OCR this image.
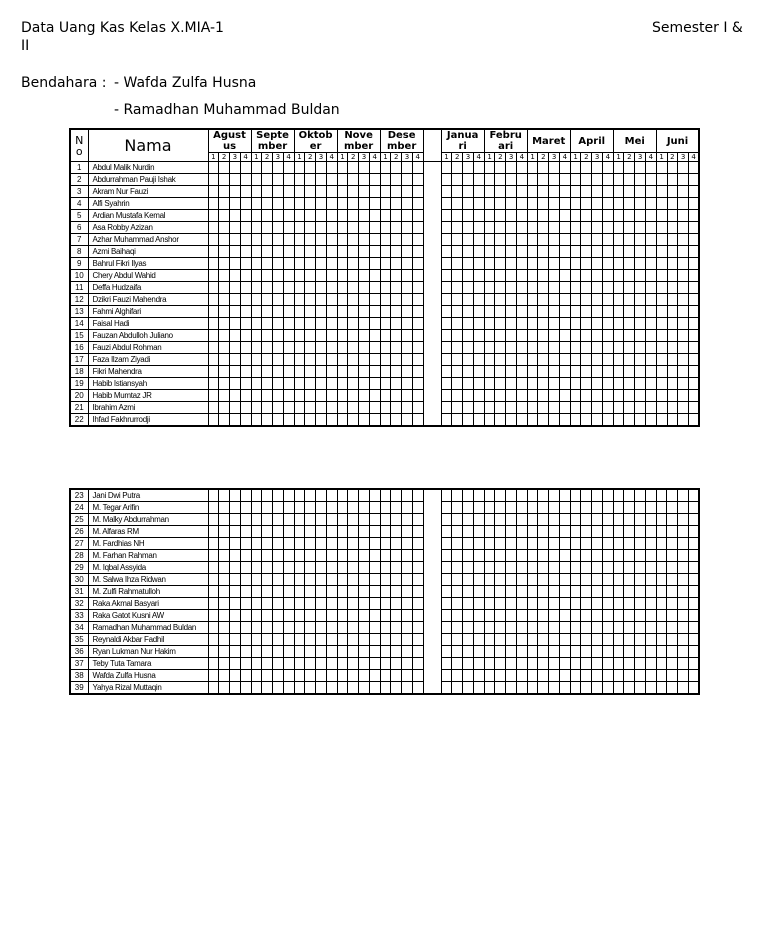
Data Uang Kas Kelas X.MIA-1	Semester I &
II
Bendahara : - Wafda Zulfa Husna
- Ramadhan Muhammad Buldan
N o	Nama	Agust us				Septe mber				Oktob er				Nove mber				Dese mber					Janua ri				Febru ari				Maret				April				Mei				Juni			
		1	2	3	4	1	2	3	4	1	2	3	4	1	2	3	4	1	2	3	4		1	2	3	4	1	2	3	4	1	2	3	4	1	2	3	4	1	2	3	4	1	2	3	4
1	Abdul Malik Nurdin																																													
2	Abdurrahman Pauji Ishak																																													
3	Akram Nur Fauzi																																													
4	Alfi Syahrin																																													
5	Ardian Mustafa Kemal																																													
6	Asa Robby Azizan																																													
7	Azhar Muhammad Anshor																																													
8	Azmi Baihaqi																																													
9	Bahrul Fikri Ilyas																																													
10	Chery Abdul Wahid																																													
11	Deffa Hudzaifa																																													
12	Dzikri Fauzi Mahendra																																													
13	Fahmi Alghifari																																													
14	Faisal Hadi																																													
15	Fauzan Abdulloh Juliano																																													
16	Fauzi Abdul Rohman																																													
17	Faza Ilzam Ziyadi																																													
18	Fikri Mahendra																																													
19	Habib Istiansyah																																													
20	Habib Mumtaz JR																																													
21	Ibrahim Azmi																																													
22	Ihfad Fakhrurrodji																																													
23	Jani Dwi Putra																																													
24	M. Tegar Arifin																																													
25	M. Malky Abdurrahman																																													
26	M. Alfaras RM																																													
27	M. Fardhias NH																																													
28	M. Farhan Rahman																																													
29	M. Iqbal Assyida																																													
30	M. Salwa Ihza Ridwan																																													
31	M. Zulfi Rahmatulloh																																													
32	Raka Akmal Basyari																																													
33	Raka Gatot Kusni AW																																													
34	Ramadhan Muhammad Buldan																																													
35	Reynaldi Akbar Fadhil																																													
36	Ryan Lukman Nur Hakim																																													
37	Teby Tuta Tamara																																													
38	Wafda Zulfa Husna																																													
39	Yahya Rizal Muttaqin																																													
